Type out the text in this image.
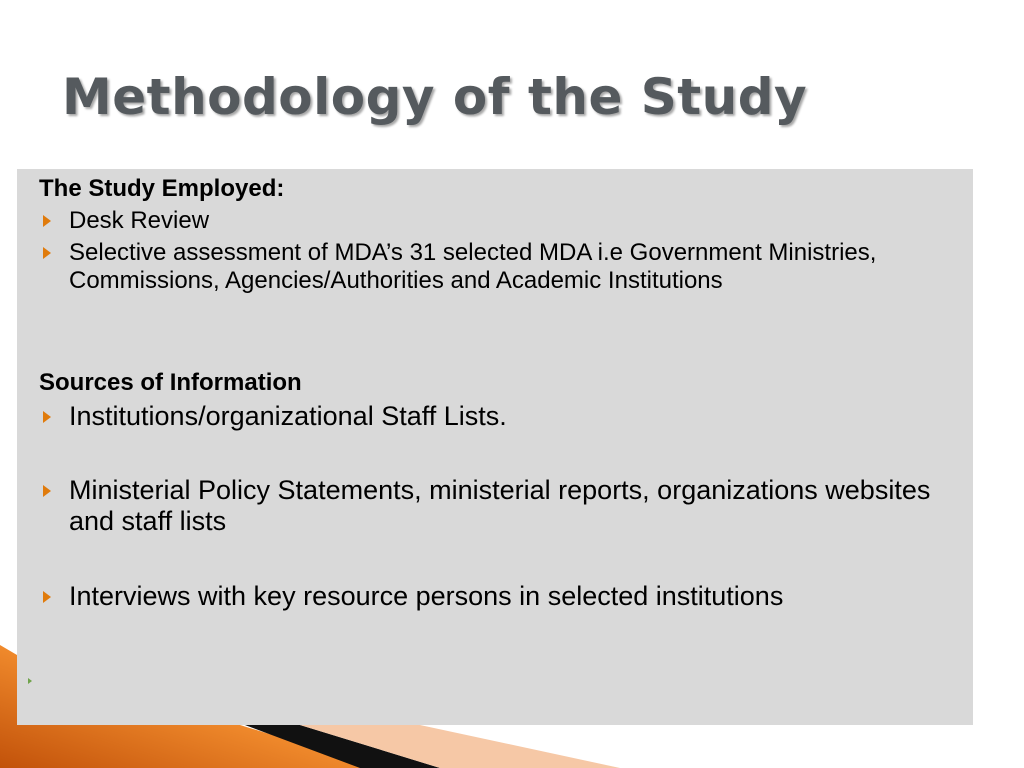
Methodology of the Study

The Study Employed:

Desk Review
Selective assessment of MDA’s 31 selected MDA i.e Government Ministries, Commissions, Agencies/Authorities and Academic Institutions

Sources of Information

Institutions/organizational Staff Lists.
Ministerial Policy Statements, ministerial reports, organizations websites and staff lists
Interviews with key resource persons in selected institutions
